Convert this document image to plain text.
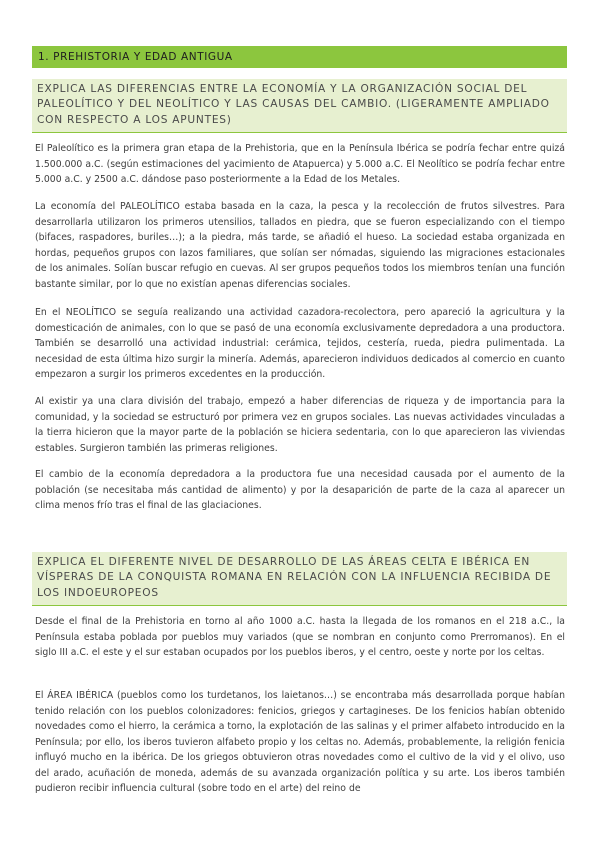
1. PREHISTORIA Y EDAD ANTIGUA
EXPLICA LAS DIFERENCIAS ENTRE LA ECONOMÍA Y LA ORGANIZACIÓN SOCIAL DEL PALEOLÍTICO Y DEL NEOLÍTICO Y LAS CAUSAS DEL CAMBIO. (LIGERAMENTE AMPLIADO CON RESPECTO A LOS APUNTES)

El Paleolítico es la primera gran etapa de la Prehistoria, que en la Península Ibérica se podría fechar entre quizá 1.500.000 a.C. (según estimaciones del yacimiento de Atapuerca) y 5.000 a.C. El Neolítico se podría fechar entre 5.000 a.C. y 2500 a.C. dándose paso posteriormente a la Edad de los Metales.

La economía del PALEOLÍTICO estaba basada en la caza, la pesca y la recolección de frutos silvestres. Para desarrollarla utilizaron los primeros utensilios, tallados en piedra, que se fueron especializando con el tiempo (bifaces, raspadores, buriles…); a la piedra, más tarde, se añadió el hueso. La sociedad estaba organizada en hordas, pequeños grupos con lazos familiares, que solían ser nómadas, siguiendo las migraciones estacionales de los animales. Solían buscar refugio en cuevas. Al ser grupos pequeños todos los miembros tenían una función bastante similar, por lo que no existían apenas diferencias sociales.

En el NEOLÍTICO se seguía realizando una actividad cazadora-recolectora, pero apareció la agricultura y la domesticación de animales, con lo que se pasó de una economía exclusivamente depredadora a una productora. También se desarrolló una actividad industrial: cerámica, tejidos, cestería, rueda, piedra pulimentada. La necesidad de esta última hizo surgir la minería. Además, aparecieron individuos dedicados al comercio en cuanto empezaron a surgir los primeros excedentes en la producción.

Al existir ya una clara división del trabajo, empezó a haber diferencias de riqueza y de importancia para la comunidad, y la sociedad se estructuró por primera vez en grupos sociales. Las nuevas actividades vinculadas a la tierra hicieron que la mayor parte de la población se hiciera sedentaria, con lo que aparecieron las viviendas estables. Surgieron también las primeras religiones.

El cambio de la economía depredadora a la productora fue una necesidad causada por el aumento de la población (se necesitaba más cantidad de alimento) y por la desaparición de parte de la caza al aparecer un clima menos frío tras el final de las glaciaciones.

EXPLICA EL DIFERENTE NIVEL DE DESARROLLO DE LAS ÁREAS CELTA E IBÉRICA EN VÍSPERAS DE LA CONQUISTA ROMANA EN RELACIÓN CON LA INFLUENCIA RECIBIDA DE LOS INDOEUROPEOS

Desde el final de la Prehistoria en torno al año 1000 a.C. hasta la llegada de los romanos en el 218 a.C., la Península estaba poblada por pueblos muy variados (que se nombran en conjunto como Prerromanos). En el siglo III a.C. el este y el sur estaban ocupados por los pueblos iberos, y el centro, oeste y norte por los celtas.

El ÁREA IBÉRICA (pueblos como los turdetanos, los laietanos…) se encontraba más desarrollada porque habían tenido relación con los pueblos colonizadores: fenicios, griegos y cartagineses. De los fenicios habían obtenido novedades como el hierro, la cerámica a torno, la explotación de las salinas y el primer alfabeto introducido en la Península; por ello, los iberos tuvieron alfabeto propio y los celtas no. Además, probablemente, la religión fenicia influyó mucho en la ibérica. De los griegos obtuvieron otras novedades como el cultivo de la vid y el olivo, uso del arado, acuñación de moneda, además de su avanzada organización política y su arte. Los iberos también pudieron recibir influencia cultural (sobre todo en el arte) del reino de
